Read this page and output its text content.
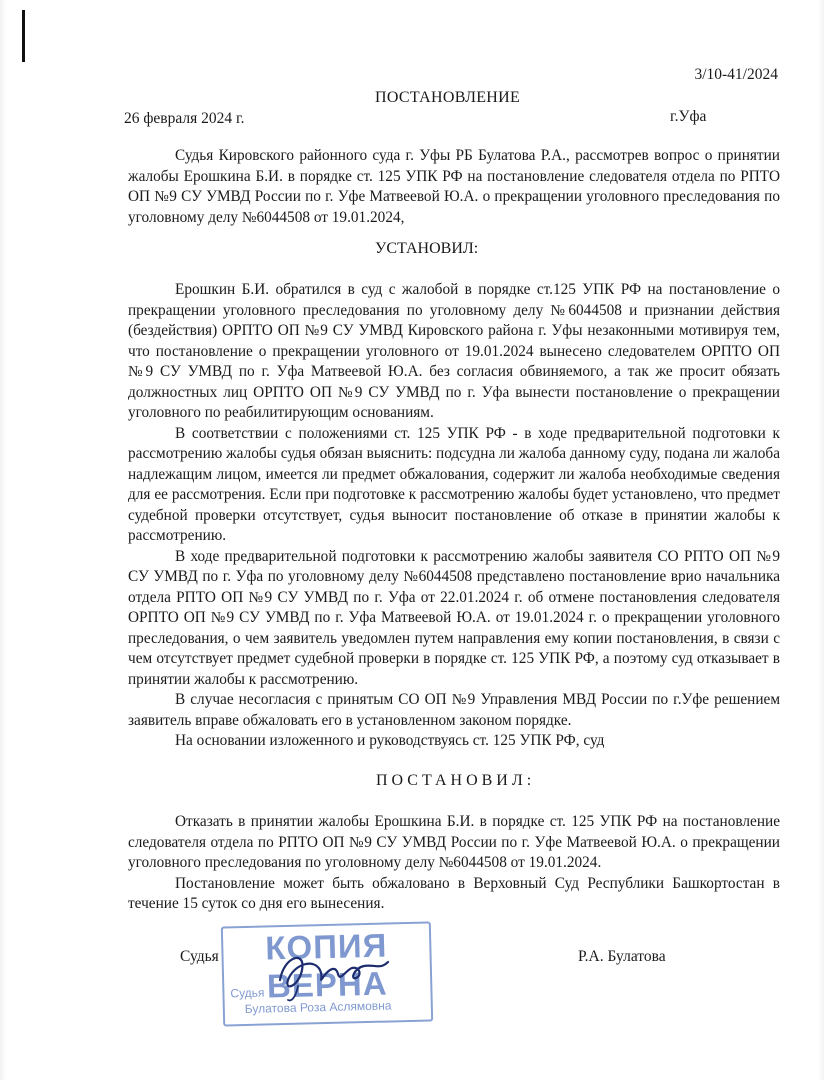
3/10-41/2024
ПОСТАНОВЛЕНИЕ
26 февраля 2024 г.	г.Уфа

Судья Кировского районного суда г. Уфы РБ Булатова Р.А., рассмотрев вопрос о принятии жалобы Ерошкина Б.И. в порядке ст. 125 УПК РФ на постановление следователя отдела по РПТО ОП №9 СУ УМВД России по г. Уфе Матвеевой Ю.А. о прекращении уголовного преследования по уголовному делу №6044508 от 19.01.2024,

УСТАНОВИЛ:

Ерошкин Б.И. обратился в суд с жалобой в порядке ст.125 УПК РФ на постановление о прекращении уголовного преследования по уголовному делу №6044508 и признании действия (бездействия) ОРПТО ОП №9 СУ УМВД Кировского района г. Уфы незаконными мотивируя тем, что постановление о прекращении уголовного от 19.01.2024 вынесено следователем ОРПТО ОП №9 СУ УМВД по г. Уфа Матвеевой Ю.А. без согласия обвиняемого, а так же просит обязать должностных лиц ОРПТО ОП №9 СУ УМВД по г. Уфа вынести постановление о прекращении уголовного по реабилитирующим основаниям.

В соответствии с положениями ст. 125 УПК РФ - в ходе предварительной подготовки к рассмотрению жалобы судья обязан выяснить: подсудна ли жалоба данному суду, подана ли жалоба надлежащим лицом, имеется ли предмет обжалования, содержит ли жалоба необходимые сведения для ее рассмотрения. Если при подготовке к рассмотрению жалобы будет установлено, что предмет судебной проверки отсутствует, судья выносит постановление об отказе в принятии жалобы к рассмотрению.

В ходе предварительной подготовки к рассмотрению жалобы заявителя СО РПТО ОП №9 СУ УМВД по г. Уфа по уголовному делу №6044508 представлено постановление врио начальника отдела РПТО ОП №9 СУ УМВД по г. Уфа от 22.01.2024 г. об отмене постановления следователя ОРПТО ОП №9 СУ УМВД по г. Уфа Матвеевой Ю.А. от 19.01.2024 г. о прекращении уголовного преследования, о чем заявитель уведомлен путем направления ему копии постановления, в связи с чем отсутствует предмет судебной проверки в порядке ст. 125 УПК РФ, а поэтому суд отказывает в принятии жалобы к рассмотрению.

В случае несогласия с принятым СО ОП №9 Управления МВД России по г.Уфе решением заявитель вправе обжаловать его в установленном законом порядке.

На основании изложенного и руководствуясь ст. 125 УПК РФ, суд

ПОСТАНОВИЛ:

Отказать в принятии жалобы Ерошкина Б.И. в порядке ст. 125 УПК РФ на постановление следователя отдела по РПТО ОП №9 СУ УМВД России по г. Уфе Матвеевой Ю.А. о прекращении уголовного преследования по уголовному делу №6044508 от 19.01.2024.

Постановление может быть обжаловано в Верховный Суд Республики Башкортостан в течение 15 суток со дня его вынесения.

КОПИЯ ВЕРНА
Судья
Булатова Роза Аслямовна
Судья	Р.А. Булатова
